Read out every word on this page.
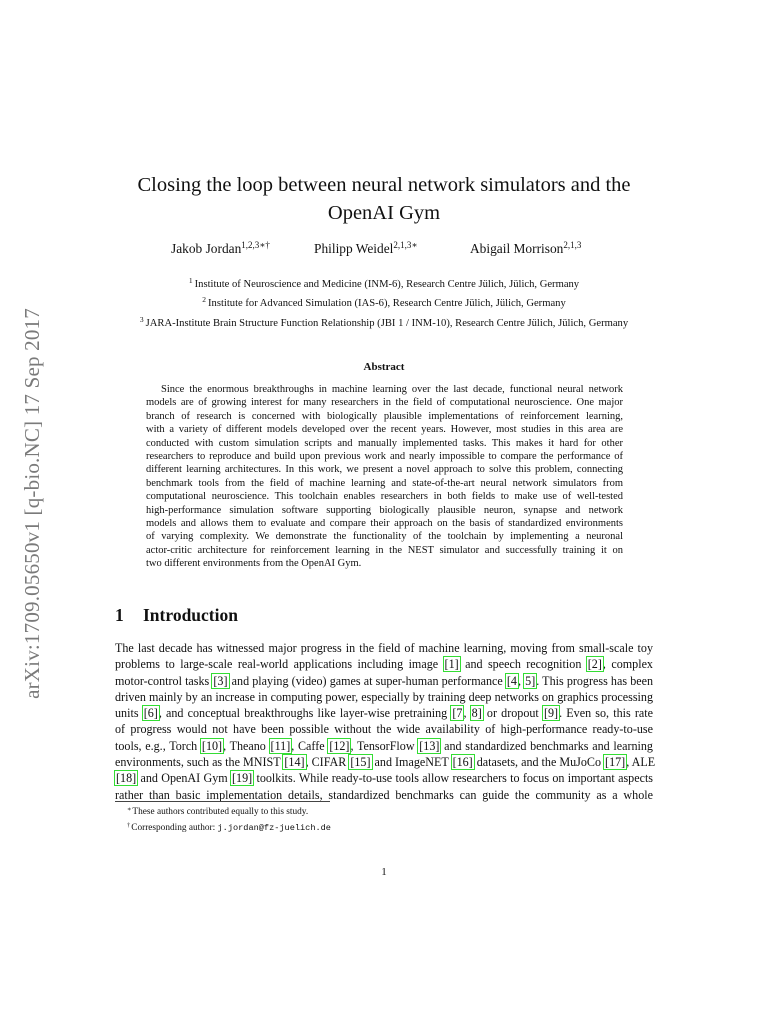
arXiv:1709.05650v1 [q-bio.NC] 17 Sep 2017
Closing the loop between neural network simulators and the
OpenAI Gym
Jakob Jordan$^{1,2,3∗\dagger}$	Philipp Weidel$^{2,1,3∗}$	Abigail Morrison$^{2,1,3}$
$^1$ Institute of Neuroscience and Medicine (INM-6), Research Centre Jülich, Jülich, Germany
$^2$ Institute for Advanced Simulation (IAS-6), Research Centre Jülich, Jülich, Germany
$^3$ JARA-Institute Brain Structure Function Relationship (JBI 1 / INM-10), Research Centre Jülich, Jülich, Germany
Abstract
Since the enormous breakthroughs in machine learning over the last decade, functional neural network
models are of growing interest for many researchers in the field of computational neuroscience. One major
branch of research is concerned with biologically plausible implementations of reinforcement learning,
with a variety of different models developed over the recent years. However, most studies in this area are
conducted with custom simulation scripts and manually implemented tasks. This makes it hard for other
researchers to reproduce and build upon previous work and nearly impossible to compare the performance of
different learning architectures. In this work, we present a novel approach to solve this problem, connecting
benchmark tools from the field of machine learning and state-of-the-art neural network simulators from
computational neuroscience. This toolchain enables researchers in both fields to make use of well-tested
high-performance simulation software supporting biologically plausible neuron, synapse and network
models and allows them to evaluate and compare their approach on the basis of standardized environments
of varying complexity. We demonstrate the functionality of the toolchain by implementing a neuronal
actor-critic architecture for reinforcement learning in the NEST simulator and successfully training it on
two different environments from the OpenAI Gym.
1 Introduction
The last decade has witnessed major progress in the field of machine learning, moving from small-scale toy
problems to large-scale real-world applications including image [1] and speech recognition [2], complex
motor-control tasks [3] and playing (video) games at super-human performance [4, 5]. This progress has been
driven mainly by an increase in computing power, especially by training deep networks on graphics processing
units [6], and conceptual breakthroughs like layer-wise pretraining [7, 8] or dropout [9]. Even so, this rate
of progress would not have been possible without the wide availability of high-performance ready-to-use
tools, e.g., Torch [10], Theano [11], Caffe [12], TensorFlow [13] and standardized benchmarks and learning
environments, such as the MNIST [14], CIFAR [15] and ImageNET [16] datasets, and the MuJoCo [17], ALE
[18] and OpenAI Gym [19] toolkits. While ready-to-use tools allow researchers to focus on important aspects
rather than basic implementation details, standardized benchmarks can guide the community as a whole
∗These authors contributed equally to this study.
†Corresponding author: j.jordan@fz-juelich.de
1
